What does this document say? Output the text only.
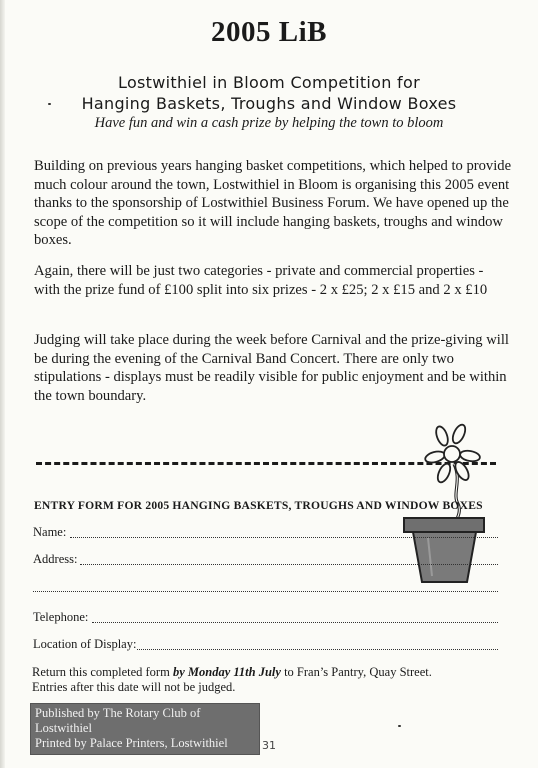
2005 LiB
Lostwithiel in Bloom Competition for
Hanging Baskets, Troughs and Window Boxes
Have fun and win a cash prize by helping the town to bloom

Building on previous years hanging basket competitions, which helped to provide much colour around the town, Lostwithiel in Bloom is organising this 2005 event thanks to the sponsorship of Lostwithiel Business Forum. We have opened up the scope of the competition so it will include hanging baskets, troughs and window boxes.

Again, there will be just two categories - private and commercial properties - with the prize fund of £100 split into six prizes - 2 x £25; 2 x £15 and 2 x £10

Judging will take place during the week before Carnival and the prize-giving will be during the evening of the Carnival Band Concert. There are only two stipulations - displays must be readily visible for public enjoyment and be within the town boundary.

ENTRY FORM FOR 2005 HANGING BASKETS, TROUGHS AND WINDOW BOXES
Name:
Address:
Telephone:
Location of Display:
Return this completed form by Monday 11th July to Fran’s Pantry, Quay Street.
Entries after this date will not be judged.
Published by The Rotary Club of Lostwithiel
Printed by Palace Printers, Lostwithiel	31
